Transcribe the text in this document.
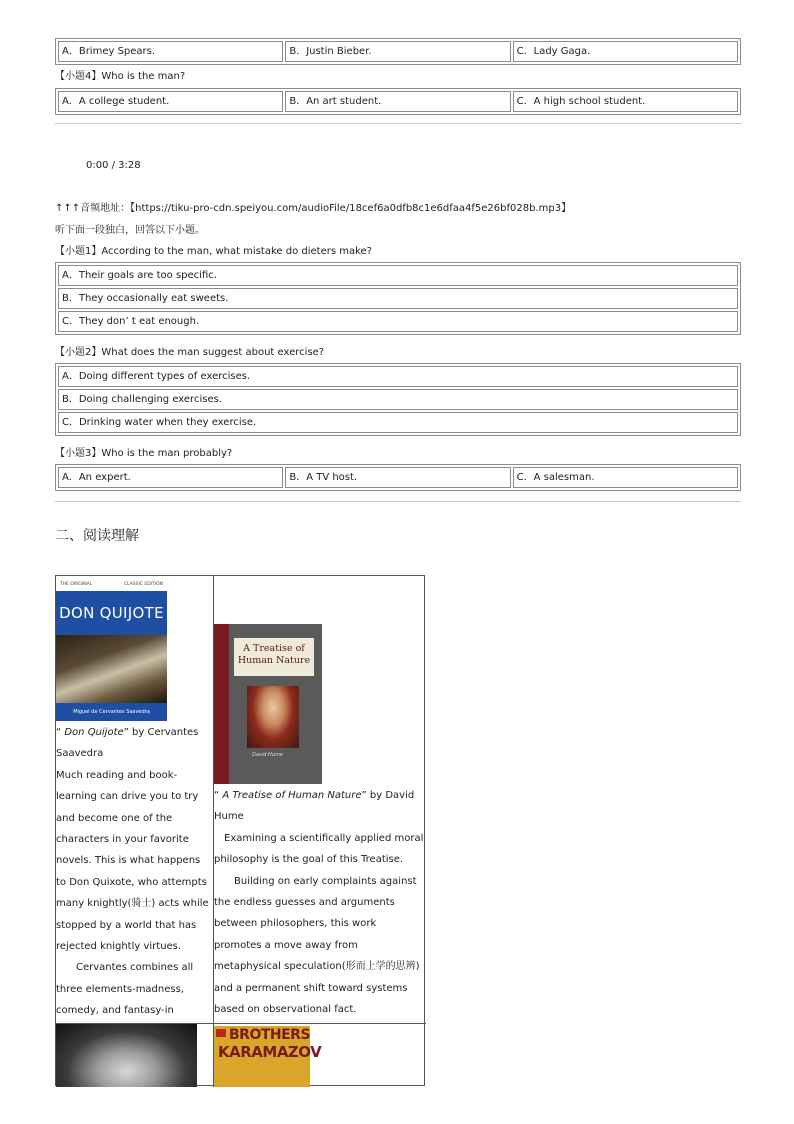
A．Brimey Spears.	B．Justin Bieber.	C．Lady Gaga.
【小题4】Who is the man?
A．A college student.	B．An art student.	C．A high school student.
0:00 / 3:28
↑↑↑音频地址：【https://tiku-pro-cdn.speiyou.com/audioFile/18cef6a0dfb8c1e6dfaa4f5e26bf028b.mp3】
听下面一段独白，回答以下小题。
【小题1】According to the man, what mistake do dieters make?
A．Their goals are too specific.
B．They occasionally eat sweets.
C．They don’ t eat enough.
【小题2】What does the man suggest about exercise?
A．Doing different types of exercises.
B．Doing challenging exercises.
C．Drinking water when they exercise.
【小题3】Who is the man probably?
A．An expert.	B．A TV host.	C．A salesman.
二、阅读理解
THE ORIGINAL	CLASSIC EDITION
DON QUIJOTE
Miguel de Cervantes Saavedra

“ Don Quijote” by Cervantes Saavedra

Much reading and book-learning can drive you to try and become one of the characters in your favorite novels. This is what happens to Don Quixote, who attempts many knightly(骑士) acts while stopped by a world that has rejected knightly virtues.

Cervantes combines all three elements-madness, comedy, and fantasy-in

A Treatise of Human Nature
David Hume

“ A Treatise of Human Nature” by David Hume

Examining a scientifically applied moral philosophy is the goal of this Treatise.

Building on early complaints against the endless guesses and arguments between philosophers, this work promotes a move away from metaphysical speculation(形而上学的思辨) and a permanent shift toward systems based on observational fact.

BROTHERS
KARAMAZOV
